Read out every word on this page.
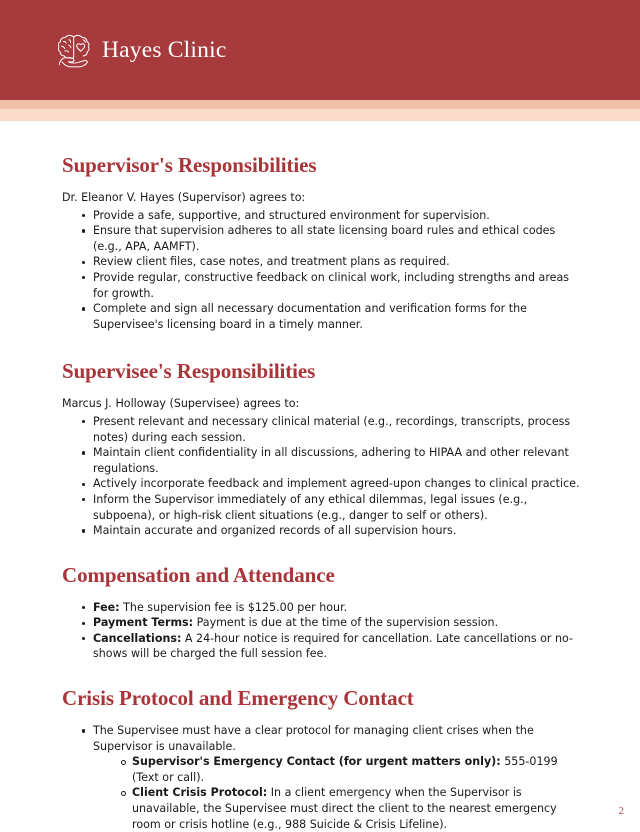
Hayes Clinic
Supervisor's Responsibilities

Dr. Eleanor V. Hayes (Supervisor) agrees to:

Provide a safe, supportive, and structured environment for supervision.
Ensure that supervision adheres to all state licensing board rules and ethical codes (e.g., APA, AAMFT).
Review client files, case notes, and treatment plans as required.
Provide regular, constructive feedback on clinical work, including strengths and areas for growth.
Complete and sign all necessary documentation and verification forms for the Supervisee's licensing board in a timely manner.
Supervisee's Responsibilities

Marcus J. Holloway (Supervisee) agrees to:

Present relevant and necessary clinical material (e.g., recordings, transcripts, process notes) during each session.
Maintain client confidentiality in all discussions, adhering to HIPAA and other relevant regulations.
Actively incorporate feedback and implement agreed-upon changes to clinical practice.
Inform the Supervisor immediately of any ethical dilemmas, legal issues (e.g., subpoena), or high-risk client situations (e.g., danger to self or others).
Maintain accurate and organized records of all supervision hours.
Compensation and Attendance
Fee: The supervision fee is $125.00 per hour.
Payment Terms: Payment is due at the time of the supervision session.
Cancellations: A 24-hour notice is required for cancellation. Late cancellations or no-shows will be charged the full session fee.
Crisis Protocol and Emergency Contact
The Supervisee must have a clear protocol for managing client crises when the Supervisor is unavailable.
Supervisor's Emergency Contact (for urgent matters only): 555-0199 (Text or call).
Client Crisis Protocol: In a client emergency when the Supervisor is unavailable, the Supervisee must direct the client to the nearest emergency room or crisis hotline (e.g., 988 Suicide & Crisis Lifeline).
2
